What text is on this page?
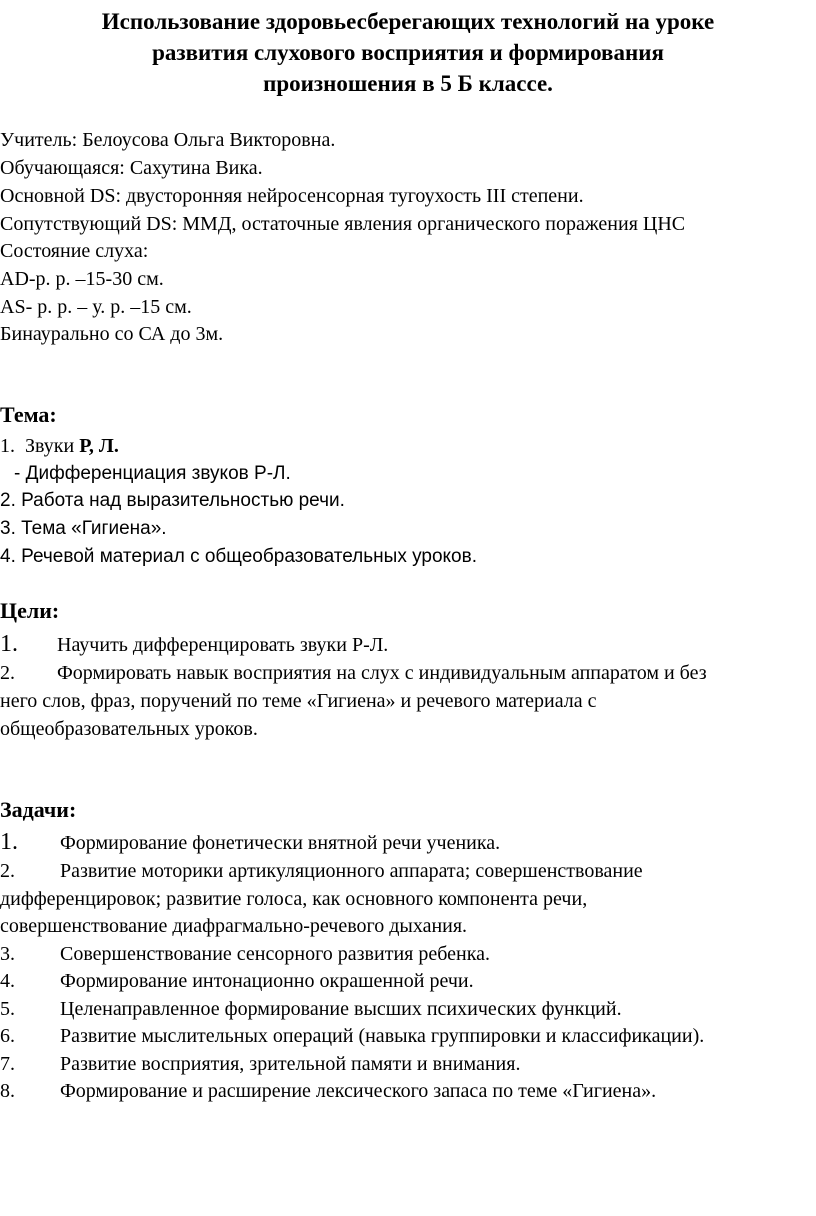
Использование здоровьесберегающих технологий на уроке
развития слухового восприятия и формирования
произношения в 5 Б классе.
Учитель: Белоусова Ольга Викторовна.
Обучающаяся: Сахутина Вика.
Основной DS: двусторонняя нейросенсорная тугоухость III степени.
Сопутствующий DS: ММД, остаточные явления органического поражения ЦНС
Состояние слуха:
AD-р. р. –15-30 см.
AS- р. р. – у. р. –15 см.
Бинаурально со СА до 3м.
Тема:
1. Звуки Р, Л.
- Дифференциация звуков Р-Л.
2. Работа над выразительностью речи.
3. Тема «Гигиена».
4. Речевой материал с общеобразовательных уроков.
Цели:
1. Научить дифференцировать звуки Р-Л.
2. Формировать навык восприятия на слух с индивидуальным аппаратом и без
него слов, фраз, поручений по теме «Гигиена» и речевого материала с
общеобразовательных уроков.
Задачи:
1. Формирование фонетически внятной речи ученика.
2. Развитие моторики артикуляционного аппарата; совершенствование
дифференцировок; развитие голоса, как основного компонента речи,
совершенствование диафрагмально-речевого дыхания.
3. Совершенствование сенсорного развития ребенка.
4. Формирование интонационно окрашенной речи.
5. Целенаправленное формирование высших психических функций.
6. Развитие мыслительных операций (навыка группировки и классификации).
7. Развитие восприятия, зрительной памяти и внимания.
8. Формирование и расширение лексического запаса по теме «Гигиена».
